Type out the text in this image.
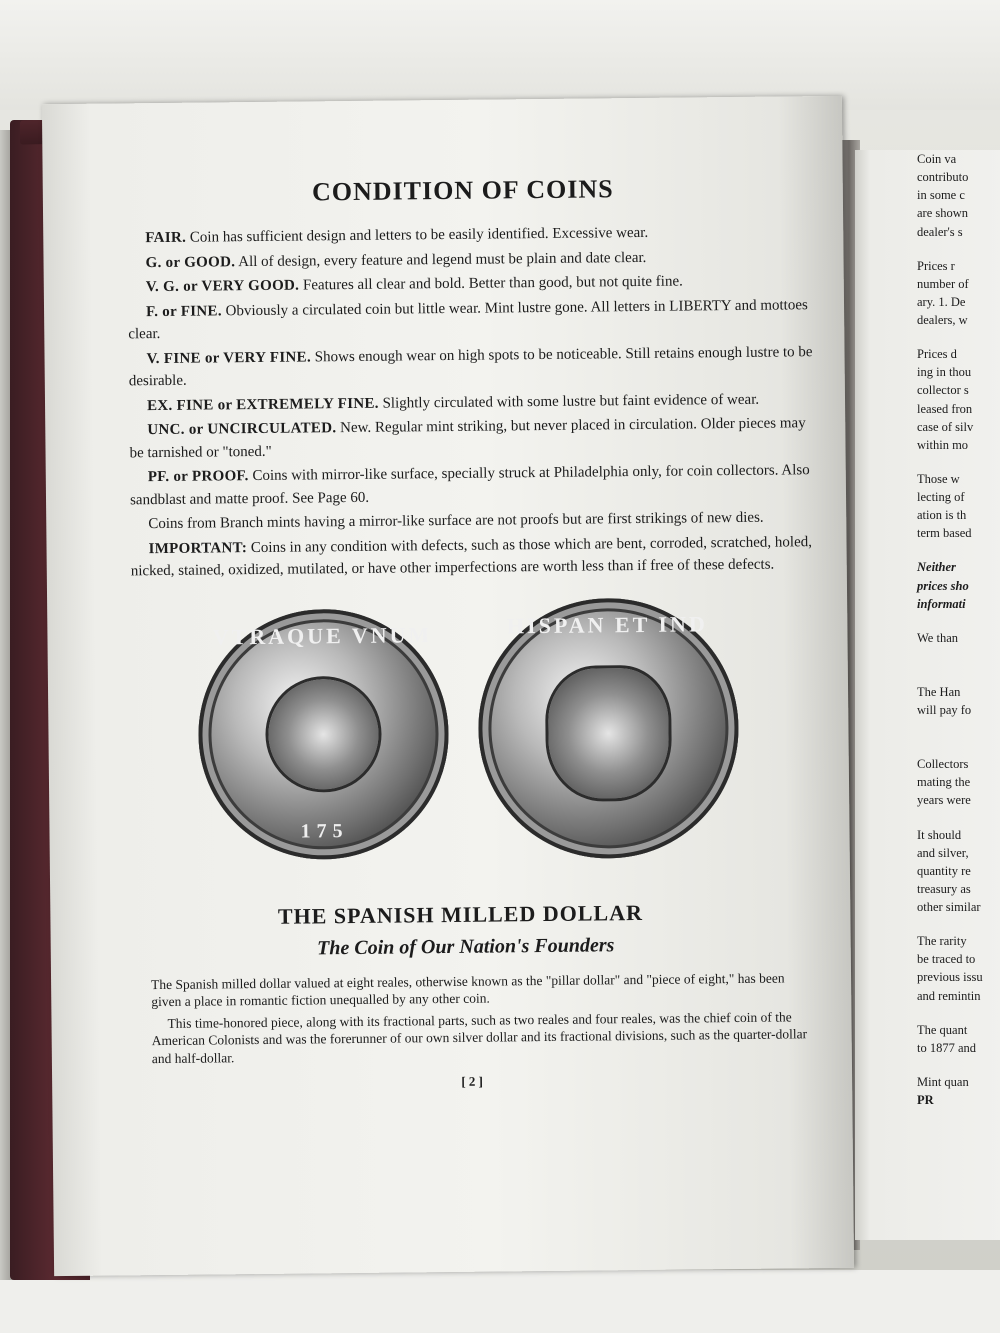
CONDITION OF COINS

FAIR. Coin has sufficient design and letters to be easily identified. Excessive wear.

G. or GOOD. All of design, every feature and legend must be plain and date clear.

V. G. or VERY GOOD. Features all clear and bold. Better than good, but not quite fine.

F. or FINE. Obviously a circulated coin but little wear. Mint lustre gone. All letters in LIBERTY and mottoes clear.

V. FINE or VERY FINE. Shows enough wear on high spots to be noticeable. Still retains enough lustre to be desirable.

EX. FINE or EXTREMELY FINE. Slightly circulated with some lustre but faint evidence of wear.

UNC. or UNCIRCULATED. New. Regular mint striking, but never placed in circulation. Older pieces may be tarnished or "toned."

PF. or PROOF. Coins with mirror-like surface, specially struck at Philadelphia only, for coin collectors. Also sandblast and matte proof. See Page 60.

Coins from Branch mints having a mirror-like surface are not proofs but are first strikings of new dies.

IMPORTANT: Coins in any condition with defects, such as those which are bent, corroded, scratched, holed, nicked, stained, oxidized, mutilated, or have other imperfections are worth less than if free of these defects.

VTRAQUE VNUM
175
HISPAN ET IND
THE SPANISH MILLED DOLLAR
The Coin of Our Nation's Founders

The Spanish milled dollar valued at eight reales, otherwise known as the "pillar dollar" and "piece of eight," has been given a place in romantic fiction unequalled by any other coin.

This time-honored piece, along with its fractional parts, such as two reales and four reales, was the chief coin of the American Colonists and was the forerunner of our own silver dollar and its fractional divisions, such as the quarter-dollar and half-dollar.

[ 2 ]
Coin va
contributo
in some c
are shown
dealer's s
Prices r
number of
ary. 1. De
dealers, w
Prices d
ing in thou
collector s
leased fron
case of silv
within mo
Those w
lecting of
ation is th
term based
Neither
prices sho
informati
We than
The Han
will pay fo
Collectors
mating the
years were
It should
and silver,
quantity re
treasury as
other similar
The rarity
be traced to
previous issu
and remintin
The quant
to 1877 and
Mint quan
PR
